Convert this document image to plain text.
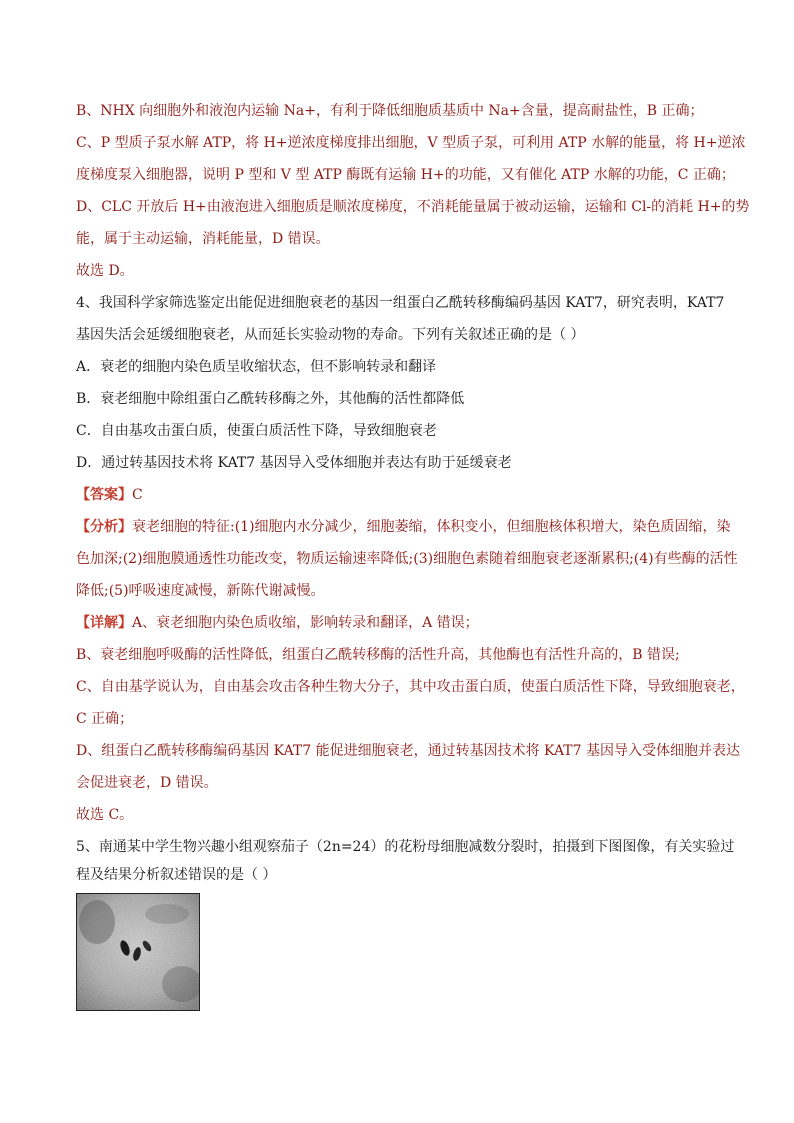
B、NHX 向细胞外和液泡内运输 Na+，有利于降低细胞质基质中 Na+含量，提高耐盐性，B 正确；
C、P 型质子泵水解 ATP，将 H+逆浓度梯度排出细胞，V 型质子泵，可利用 ATP 水解的能量，将 H+逆浓
度梯度泵入细胞器，说明 P 型和 V 型 ATP 酶既有运输 H+的功能，又有催化 ATP 水解的功能，C 正确；
D、CLC 开放后 H+由液泡进入细胞质是顺浓度梯度，不消耗能量属于被动运输，运输和 Cl-的消耗 H+的势
能，属于主动运输，消耗能量，D 错误。
故选 D。
4、我国科学家筛选鉴定出能促进细胞衰老的基因一组蛋白乙酰转移酶编码基因 KAT7，研究表明，KAT7
基因失活会延缓细胞衰老，从而延长实验动物的寿命。下列有关叙述正确的是（ ）
A．衰老的细胞内染色质呈收缩状态，但不影响转录和翻译
B．衰老细胞中除组蛋白乙酰转移酶之外，其他酶的活性都降低
C．自由基攻击蛋白质，使蛋白质活性下降，导致细胞衰老
D．通过转基因技术将 KAT7 基因导入受体细胞并表达有助于延缓衰老
【答案】C
【分析】衰老细胞的特征:(1)细胞内水分减少，细胞萎缩，体积变小，但细胞核体积增大，染色质固缩，染
色加深;(2)细胞膜通透性功能改变，物质运输速率降低;(3)细胞色素随着细胞衰老逐渐累积;(4)有些酶的活性
降低;(5)呼吸速度减慢，新陈代谢减慢。
【详解】A、衰老细胞内染色质收缩，影响转录和翻译，A 错误；
B、衰老细胞呼吸酶的活性降低，组蛋白乙酰转移酶的活性升高，其他酶也有活性升高的，B 错误;
C、自由基学说认为，自由基会攻击各种生物大分子，其中攻击蛋白质，使蛋白质活性下降，导致细胞衰老，
C 正确；
D、组蛋白乙酰转移酶编码基因 KAT7 能促进细胞衰老，通过转基因技术将 KAT7 基因导入受体细胞并表达
会促进衰老，D 错误。
故选 C。
5、南通某中学生物兴趣小组观察茄子（2n=24）的花粉母细胞减数分裂时，拍摄到下图图像，有关实验过
程及结果分析叙述错误的是（ ）
